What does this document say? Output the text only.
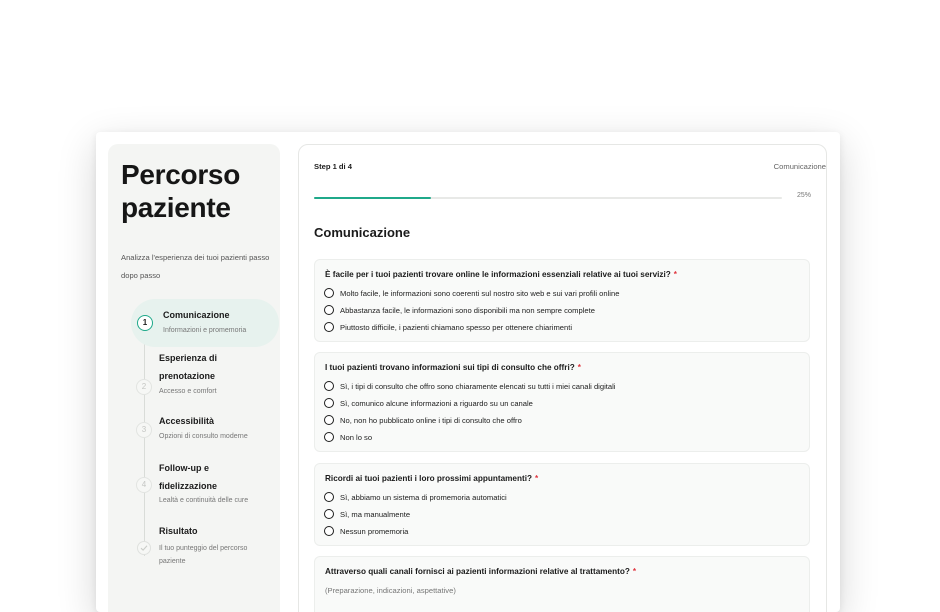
Percorso paziente
Analizza l'esperienza dei tuoi pazienti passo dopo passo
1
Comunicazione
Informazioni e promemoria
2
Esperienza di prenotazione
Accesso e comfort
3
Accessibilità
Opzioni di consulto moderne
4
Follow-up e fidelizzazione
Lealtà e continuità delle cure
Risultato
Il tuo punteggio del percorso paziente
Step 1 di 4	Comunicazione
25%
Comunicazione
È facile per i tuoi pazienti trovare online le informazioni essenziali relative ai tuoi servizi? *
Molto facile, le informazioni sono coerenti sul nostro sito web e sui vari profili online
Abbastanza facile, le informazioni sono disponibili ma non sempre complete
Piuttosto difficile, i pazienti chiamano spesso per ottenere chiarimenti
I tuoi pazienti trovano informazioni sui tipi di consulto che offri? *
Sì, i tipi di consulto che offro sono chiaramente elencati su tutti i miei canali digitali
Sì, comunico alcune informazioni a riguardo su un canale
No, non ho pubblicato online i tipi di consulto che offro
Non lo so
Ricordi ai tuoi pazienti i loro prossimi appuntamenti? *
Sì, abbiamo un sistema di promemoria automatici
Sì, ma manualmente
Nessun promemoria
Attraverso quali canali fornisci ai pazienti informazioni relative al trattamento? *
(Preparazione, indicazioni, aspettative)
